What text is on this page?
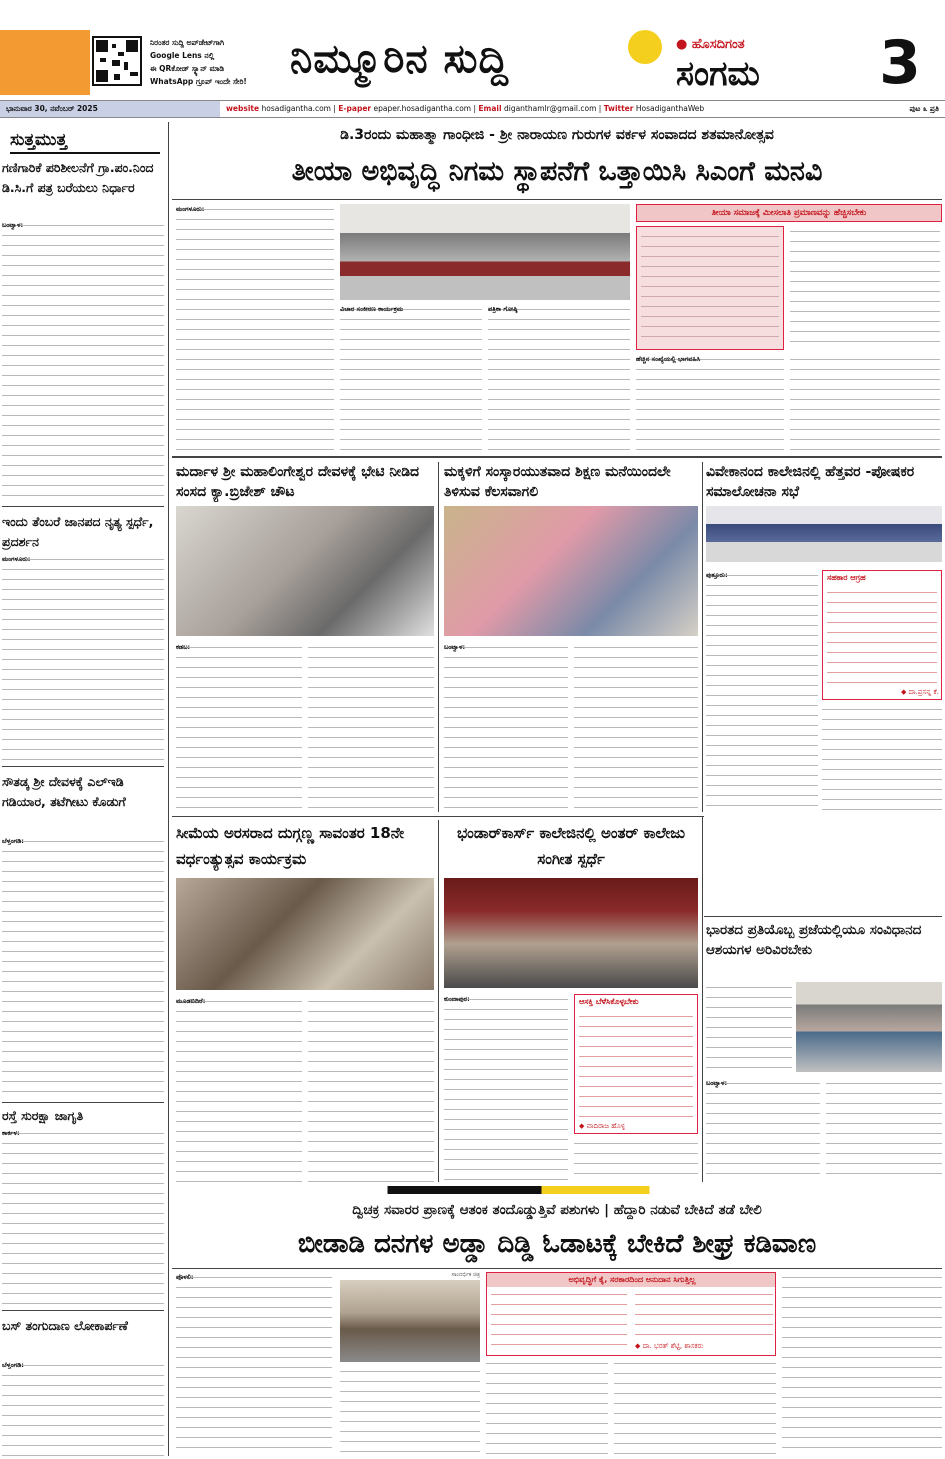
ನಿರಂತರ ಸುದ್ದಿ ಅಪ್‌ಡೇಟ್‌ಗಾಗಿ
Google Lens ನಲ್ಲಿ
ಈ QRಕೋಡ್ ಸ್ಕ್ಯಾನ್ ಮಾಡಿ
WhatsApp ಗ್ರೂಪ್ ಇಂದೇ ಸೇರಿ!	ನಿಮ್ಮೂರಿನ ಸುದ್ದಿ	● ಹೊಸದಿಗಂತ
ಸಂಗಮ	3
ಭಾನುವಾರ 30, ನವೆಂಬರ್ 2025	website hosadigantha.com | E-paper epaper.hosadigantha.com | Email diganthamlr@gmail.com | Twitter HosadiganthaWeb	ಪುಟ ೩ ಪ್ರತಿ
ಸುತ್ತಮುತ್ತ
ಗಣಿಗಾರಿಕೆ ಪರಿಶೀಲನೆಗೆ ಗ್ರಾ.ಪಂ.ನಿಂದ ಡಿ.ಸಿ.ಗೆ ಪತ್ರ ಬರೆಯಲು ನಿರ್ಧಾರ
ಬಂಟ್ವಾಳ:
ಇಂದು ತೆಂಬರೆ ಜಾನಪದ ನೃತ್ಯ ಸ್ಪರ್ಧೆ, ಪ್ರದರ್ಶನ
ಮಂಗಳೂರು:
ಸೌತಡ್ಕ ಶ್ರೀ ದೇವಳಕ್ಕೆ ಎಲ್‌ಇಡಿ ಗಡಿಯಾರ, ತಟೆಗೀಟು ಕೊಡುಗೆ
ಬೆಳ್ತಂಗಡಿ:
ರಸ್ತೆ ಸುರಕ್ಷಾ ಜಾಗೃತಿ
ಕಾರ್ಕಳ:
ಬಸ್ ತಂಗುದಾಣ ಲೋಕಾರ್ಪಣೆ
ಬೆಳ್ತಂಗಡಿ:
ಡಿ.3ರಂದು ಮಹಾತ್ಮಾ ಗಾಂಧೀಜಿ - ಶ್ರೀ ನಾರಾಯಣ ಗುರುಗಳ ವರ್ಕಳ ಸಂವಾದದ ಶತಮಾನೋತ್ಸವ
ತೀಯಾ ಅಭಿವೃದ್ಧಿ ನಿಗಮ ಸ್ಥಾಪನೆಗೆ ಒತ್ತಾಯಿಸಿ ಸಿಎಂಗೆ ಮನವಿ
ಮಂಗಳೂರು:
ವಿಚಾರ ಸಂಕೀರಣ ಕಾರ್ಯಕ್ರಮ	ಪತ್ರಿಕಾ ಗೋಷ್ಠಿ
ತೀಯಾ ಸಮಾಜಕ್ಕೆ ಮೀಸಲಾತಿ ಪ್ರಮಾಣವನ್ನು ಹೆಚ್ಚಿಸಬೇಕು
ಹೆಚ್ಚಿನ ಸಂಖ್ಯೆಯಲ್ಲಿ ಭಾಗವಹಿಸಿ
ಮರ್ದಾಳ ಶ್ರೀ ಮಹಾಲಿಂಗೇಶ್ವರ ದೇವಳಕ್ಕೆ ಭೇಟಿ ನೀಡಿದ ಸಂಸದ ಕ್ಯಾ.ಬ್ರಿಜೇಶ್ ಚೌಟ
ಕಡಬ:
ಮಕ್ಕಳಿಗೆ ಸಂಸ್ಕಾರಯುತವಾದ ಶಿಕ್ಷಣ ಮನೆಯಿಂದಲೇ ತಿಳಿಸುವ ಕೆಲಸವಾಗಲಿ
ಬಂಟ್ವಾಳ:
ವಿವೇಕಾನಂದ ಕಾಲೇಜಿನಲ್ಲಿ ಹೆತ್ತವರ -ಪೋಷಕರ ಸಮಾಲೋಚನಾ ಸಭೆ
ಪುತ್ತೂರು:	ಸಹಕಾರ ಆಗ್ರಹ
◆ ದಾ.ಪ್ರಸನ್ನ ಕೆ.
ಸೀಮೆಯ ಅರಸರಾದ ದುಗ್ಗಣ್ಣ ಸಾವಂತರ 18ನೇ ವರ್ಧಂತ್ಯುತ್ಸವ ಕಾರ್ಯಕ್ರಮ
ಮೂಡಬಿದಿರೆ:
ಭಂಡಾರ್‌ಕಾರ್ಸ್ ಕಾಲೇಜಿನಲ್ಲಿ ಅಂತರ್ ಕಾಲೇಜು ಸಂಗೀತ ಸ್ಪರ್ಧೆ
ಕುಂದಾಪುರ:	ಆಸಕ್ತಿ ಬೆಳೆಸಿಕೊಳ್ಳಬೇಕು
◆ ವಾದಿರಾಜ ಹೊಳ್ಳ
ಭಾರತದ ಪ್ರತಿಯೊಬ್ಬ ಪ್ರಜೆಯಲ್ಲಿಯೂ ಸಂವಿಧಾನದ ಆಶಯಗಳ ಅರಿವಿರಬೇಕು
ಬಂಟ್ವಾಳ:
ದ್ವಿಚಕ್ರ ಸವಾರರ ಪ್ರಾಣಕ್ಕೆ ಆತಂಕ ತಂದೊಡ್ಡುತ್ತಿವೆ ಪಶುಗಳು | ಹೆದ್ದಾರಿ ನಡುವೆ ಬೇಕಿದೆ ತಡೆ ಬೇಲಿ
ಬೀಡಾಡಿ ದನಗಳ ಅಡ್ಡಾ ದಿಡ್ಡಿ ಓಡಾಟಕ್ಕೆ ಬೇಕಿದೆ ಶೀಘ್ರ ಕಡಿವಾಣ
ಪೊಳಲಿ:	ಸಾಂದರ್ಭಿಕ ಚಿತ್ರ	ಅಭಿವೃದ್ಧಿಗೆ ಕೈ, ಸರಕಾರದಿಂದ ಅನುದಾನ ಸಿಗುತ್ತಿಲ್ಲ
◆ ದಾ. ಭರತ್ ಶೆಟ್ಟಿ, ಶಾಸಕರು
